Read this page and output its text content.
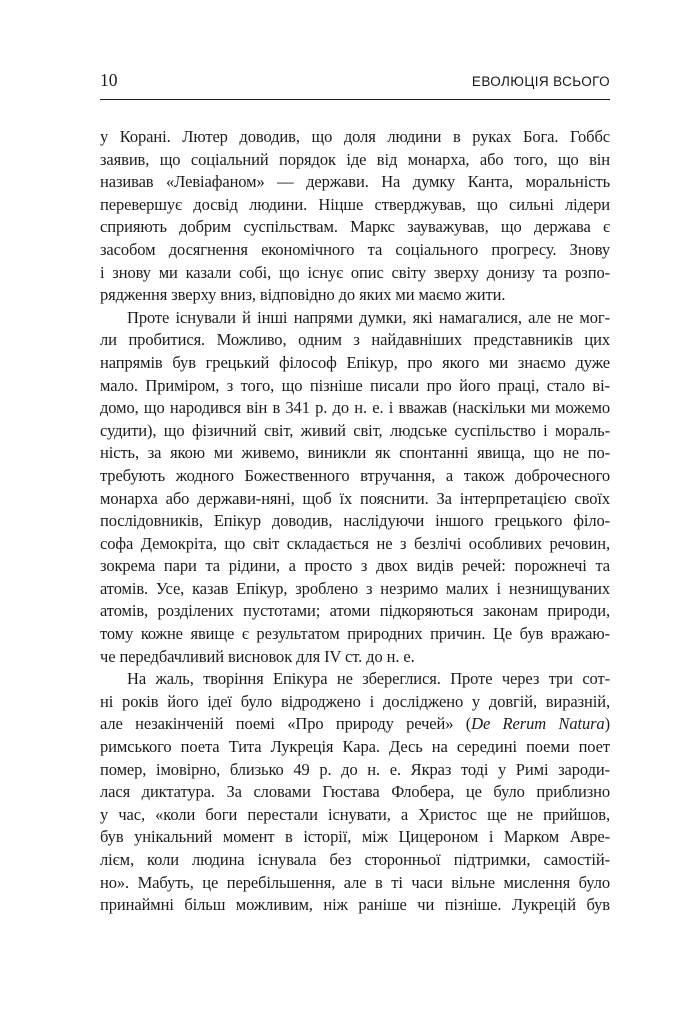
10	ЕВОЛЮЦІЯ ВСЬОГО
у Корані. Лютер доводив, що доля людини в руках Бога. Гоббс
заявив, що соціальний порядок іде від монарха, або того, що він
називав «Левіафаном» — держави. На думку Канта, моральність
перевершує досвід людини. Ніцше стверджував, що сильні лідери
сприяють добрим суспільствам. Маркс зауважував, що держава є
засобом досягнення економічного та соціального прогресу. Знову
і знову ми казали собі, що існує опис світу зверху донизу та розпо-
рядження зверху вниз, відповідно до яких ми маємо жити.
Проте існували й інші напрями думки, які намагалися, але не мог-
ли пробитися. Можливо, одним з найдавніших представників цих
напрямів був грецький філософ Епікур, про якого ми знаємо дуже
мало. Приміром, з того, що пізніше писали про його праці, стало ві-
домо, що народився він в 341 р. до н. е. і вважав (наскільки ми можемо
судити), що фізичний світ, живий світ, людське суспільство і мораль-
ність, за якою ми живемо, виникли як спонтанні явища, що не по-
требують жодного Божественного втручання, а також доброчесного
монарха або держави-няні, щоб їх пояснити. За інтерпретацією своїх
послідовників, Епікур доводив, наслідуючи іншого грецького філо-
софа Демокріта, що світ складається не з безлічі особливих речовин,
зокрема пари та рідини, а просто з двох видів речей: порожнечі та
атомів. Усе, казав Епікур, зроблено з незримо малих і незнищуваних
атомів, розділених пустотами; атоми підкоряються законам природи,
тому кожне явище є результатом природних причин. Це був вражаю-
че передбачливий висновок для IV ст. до н. е.
На жаль, творіння Епікура не збереглися. Проте через три сот-
ні років його ідеї було відроджено і досліджено у довгій, виразній,
але незакінченій поемі «Про природу речей» (De Rerum Natura)
римського поета Тита Лукреція Кара. Десь на середині поеми поет
помер, імовірно, близько 49 р. до н. е. Якраз тоді у Римі зароди-
лася диктатура. За словами Гюстава Флобера, це було приблизно
у час, «коли боги перестали існувати, а Христос ще не прийшов,
був унікальний момент в історії, між Цицероном і Марком Авре-
лієм, коли людина існувала без сторонньої підтримки, самостій-
но». Мабуть, це перебільшення, але в ті часи вільне мислення було
принаймні більш можливим, ніж раніше чи пізніше. Лукрецій був
